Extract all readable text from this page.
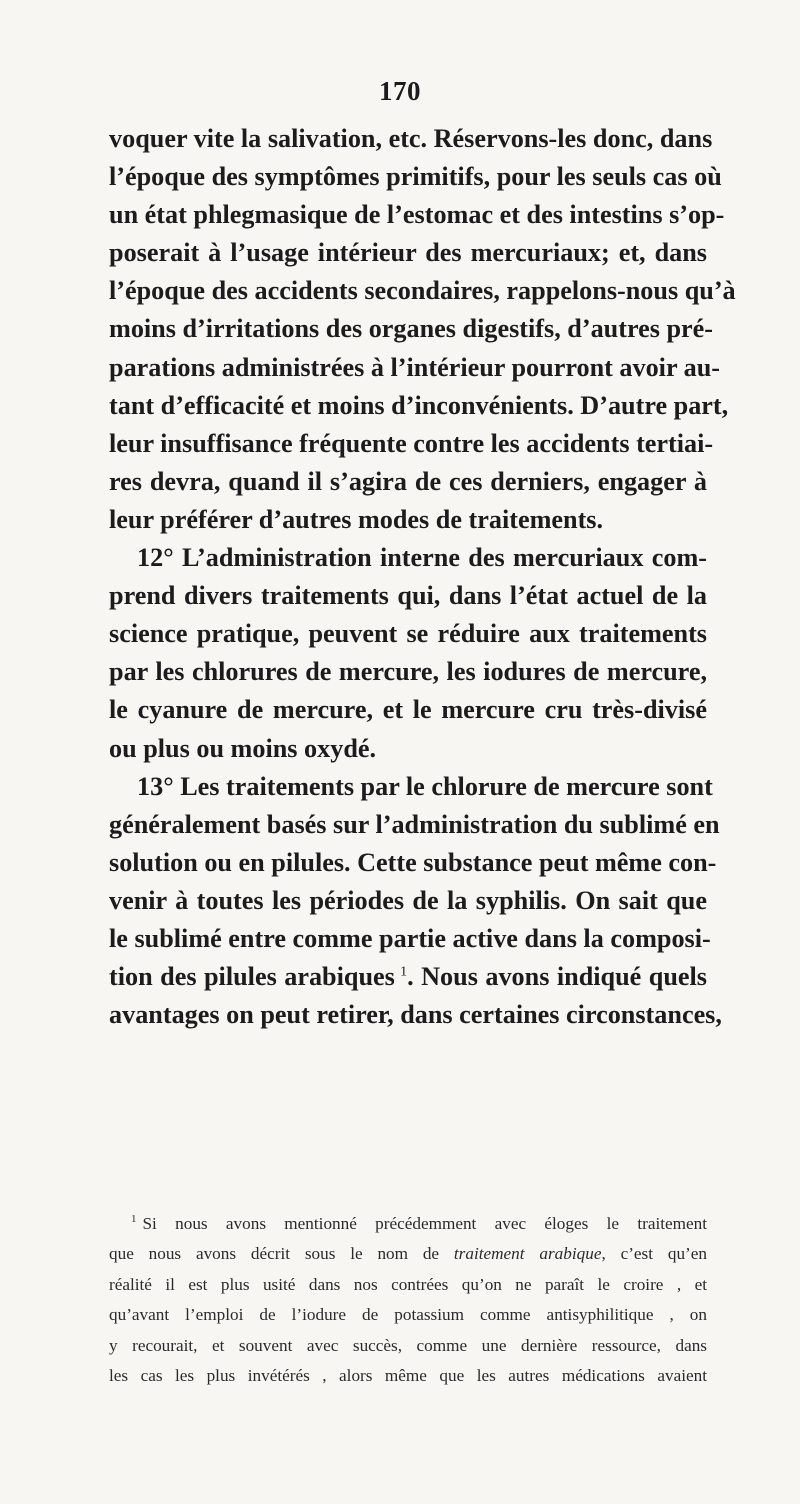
170
voquer vite la salivation, etc. Réservons-les donc, dans
l’époque des symptômes primitifs, pour les seuls cas où
un état phlegmasique de l’estomac et des intestins s’op-
poserait à l’usage intérieur des mercuriaux; et, dans
l’époque des accidents secondaires, rappelons-nous qu’à
moins d’irritations des organes digestifs, d’autres pré-
parations administrées à l’intérieur pourront avoir au-
tant d’efficacité et moins d’inconvénients. D’autre part,
leur insuffisance fréquente contre les accidents tertiai-
res devra, quand il s’agira de ces derniers, engager à
leur préférer d’autres modes de traitements.
12° L’administration interne des mercuriaux com-
prend divers traitements qui, dans l’état actuel de la
science pratique, peuvent se réduire aux traitements
par les chlorures de mercure, les iodures de mercure,
le cyanure de mercure, et le mercure cru très-divisé
ou plus ou moins oxydé.
13° Les traitements par le chlorure de mercure sont
généralement basés sur l’administration du sublimé en
solution ou en pilules. Cette substance peut même con-
venir à toutes les périodes de la syphilis. On sait que
le sublimé entre comme partie active dans la composi-
tion des pilules arabiques  $^1$. Nous avons indiqué quels
avantages on peut retirer, dans certaines circonstances,
$^1$ Si nous avons mentionné précédemment avec éloges le traitement
que nous avons décrit sous le nom de traitement arabique, c’est qu’en
réalité il est plus usité dans nos contrées qu’on ne paraît le croire , et
qu’avant l’emploi de l’iodure de potassium comme antisyphilitique , on
y recourait, et souvent avec succès, comme une dernière ressource, dans
les cas les plus invétérés , alors même que les autres médications avaient
